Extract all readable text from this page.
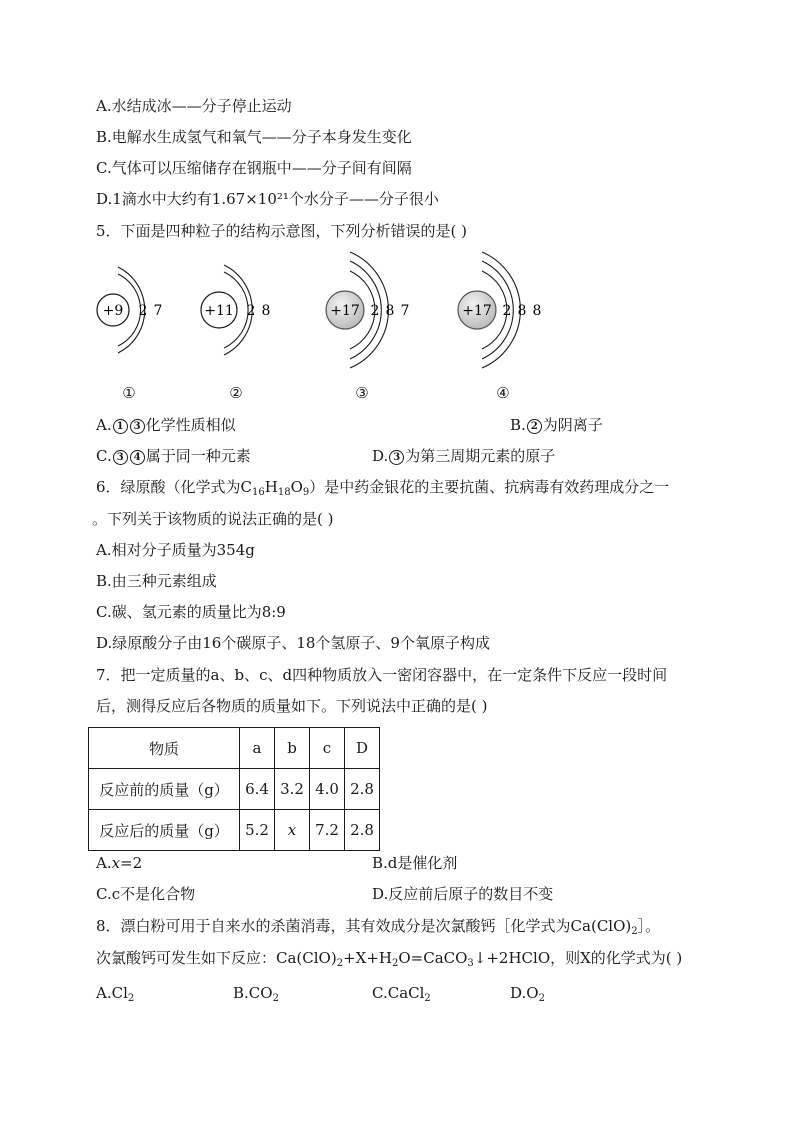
A.水结成冰——分子停止运动
B.电解水生成氢气和氧气——分子本身发生变化
C.气体可以压缩储存在钢瓶中——分子间有间隔
D.1滴水中大约有1.67×10²¹个水分子——分子很小
5．下面是四种粒子的结构示意图，下列分析错误的是( )
+9 2 7	+11 2 8	+17 2 8 7	+17 2 8 8
①	②	③	④
A. 1 3 化学性质相似	B. 2 为阴离子
C. 3 4 属于同一种元素	D. 3 为第三周期元素的原子
6．绿原酸（化学式为$C_{16}H_{18}O_9$）是中药金银花的主要抗菌、抗病毒有效药理成分之一
。下列关于该物质的说法正确的是( )
A.相对分子质量为354g
B.由三种元素组成
C.碳、氢元素的质量比为8:9
D.绿原酸分子由16个碳原子、18个氢原子、9个氧原子构成
7．把一定质量的a、b、c、d四种物质放入一密闭容器中，在一定条件下反应一段时间
后，测得反应后各物质的质量如下。下列说法中正确的是( )
物质	a	b	c	D
反应前的质量（g）	6.4	3.2	4.0	2.8
反应后的质量（g）	5.2	x	7.2	2.8
A.x=2	B.d是催化剂
C.c不是化合物	D.反应前后原子的数目不变
8．漂白粉可用于自来水的杀菌消毒，其有效成分是次氯酸钙［化学式为$Ca(ClO)_2]$。
次氯酸钙可发生如下反应：$Ca(ClO)_2+X+H_2O=CaCO_3↓+2HClO$，则X的化学式为( )
$A.Cl_2$	$B.CO_2$	C.CaCl$_2$	$D.O_2$
